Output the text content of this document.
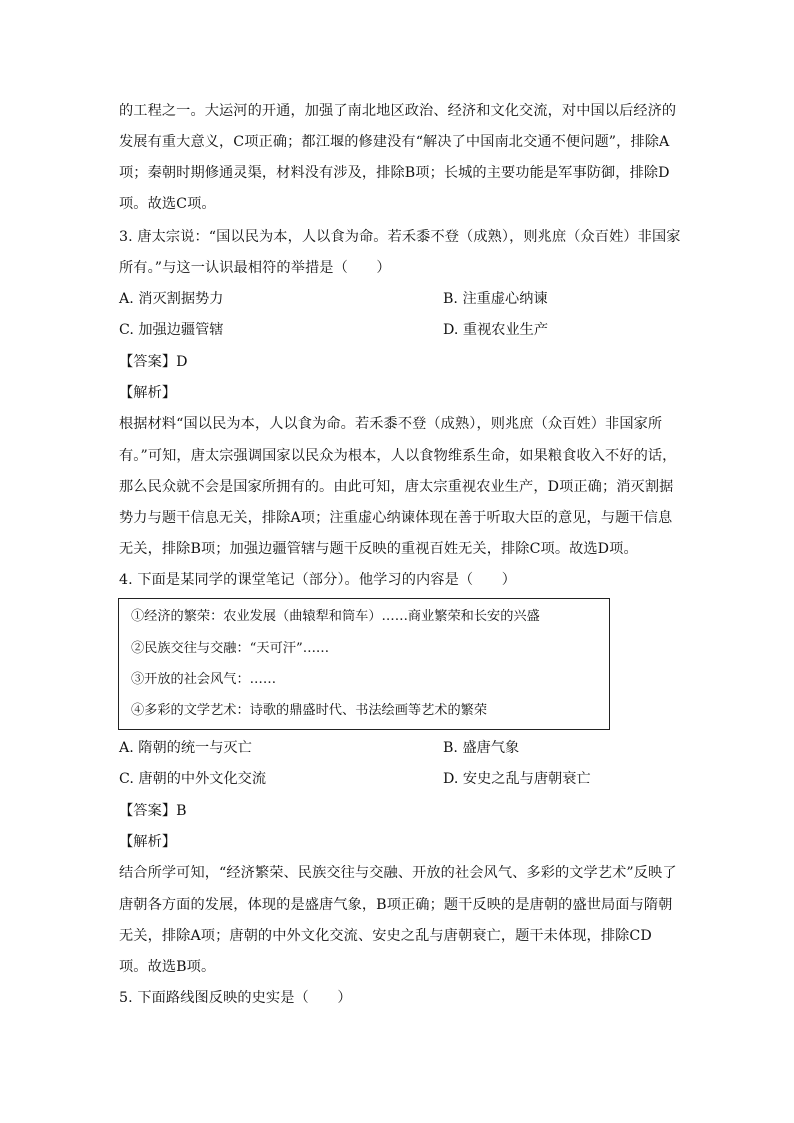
的工程之一。大运河的开通，加强了南北地区政治、经济和文化交流，对中国以后经济的
发展有重大意义，C项正确；都江堰的修建没有“解决了中国南北交通不便问题”，排除A
项；秦朝时期修通灵渠，材料没有涉及，排除B项；长城的主要功能是军事防御，排除D
项。故选C项。
3. 唐太宗说：“国以民为本，人以食为命。若禾黍不登（成熟），则兆庶（众百姓）非国家
所有。”与这一认识最相符的举措是（　　）
A. 消灭割据势力	B. 注重虚心纳谏
C. 加强边疆管辖	D. 重视农业生产
【答案】D
【解析】
根据材料“国以民为本，人以食为命。若禾黍不登（成熟），则兆庶（众百姓）非国家所
有。”可知，唐太宗强调国家以民众为根本，人以食物维系生命，如果粮食收入不好的话，
那么民众就不会是国家所拥有的。由此可知，唐太宗重视农业生产，D项正确；消灭割据
势力与题干信息无关，排除A项；注重虚心纳谏体现在善于听取大臣的意见，与题干信息
无关，排除B项；加强边疆管辖与题干反映的重视百姓无关，排除C项。故选D项。
4. 下面是某同学的课堂笔记（部分）。他学习的内容是（　　）
①经济的繁荣：农业发展（曲辕犁和筒车）……商业繁荣和长安的兴盛
②民族交往与交融：“天可汗”……
③开放的社会风气：……
④多彩的文学艺术：诗歌的鼎盛时代、书法绘画等艺术的繁荣
A. 隋朝的统一与灭亡	B. 盛唐气象
C. 唐朝的中外文化交流	D. 安史之乱与唐朝衰亡
【答案】B
【解析】
结合所学可知，“经济繁荣、民族交往与交融、开放的社会风气、多彩的文学艺术”反映了
唐朝各方面的发展，体现的是盛唐气象，B项正确；题干反映的是唐朝的盛世局面与隋朝
无关，排除A项；唐朝的中外文化交流、安史之乱与唐朝衰亡，题干未体现，排除CD
项。故选B项。
5. 下面路线图反映的史实是（　　）
